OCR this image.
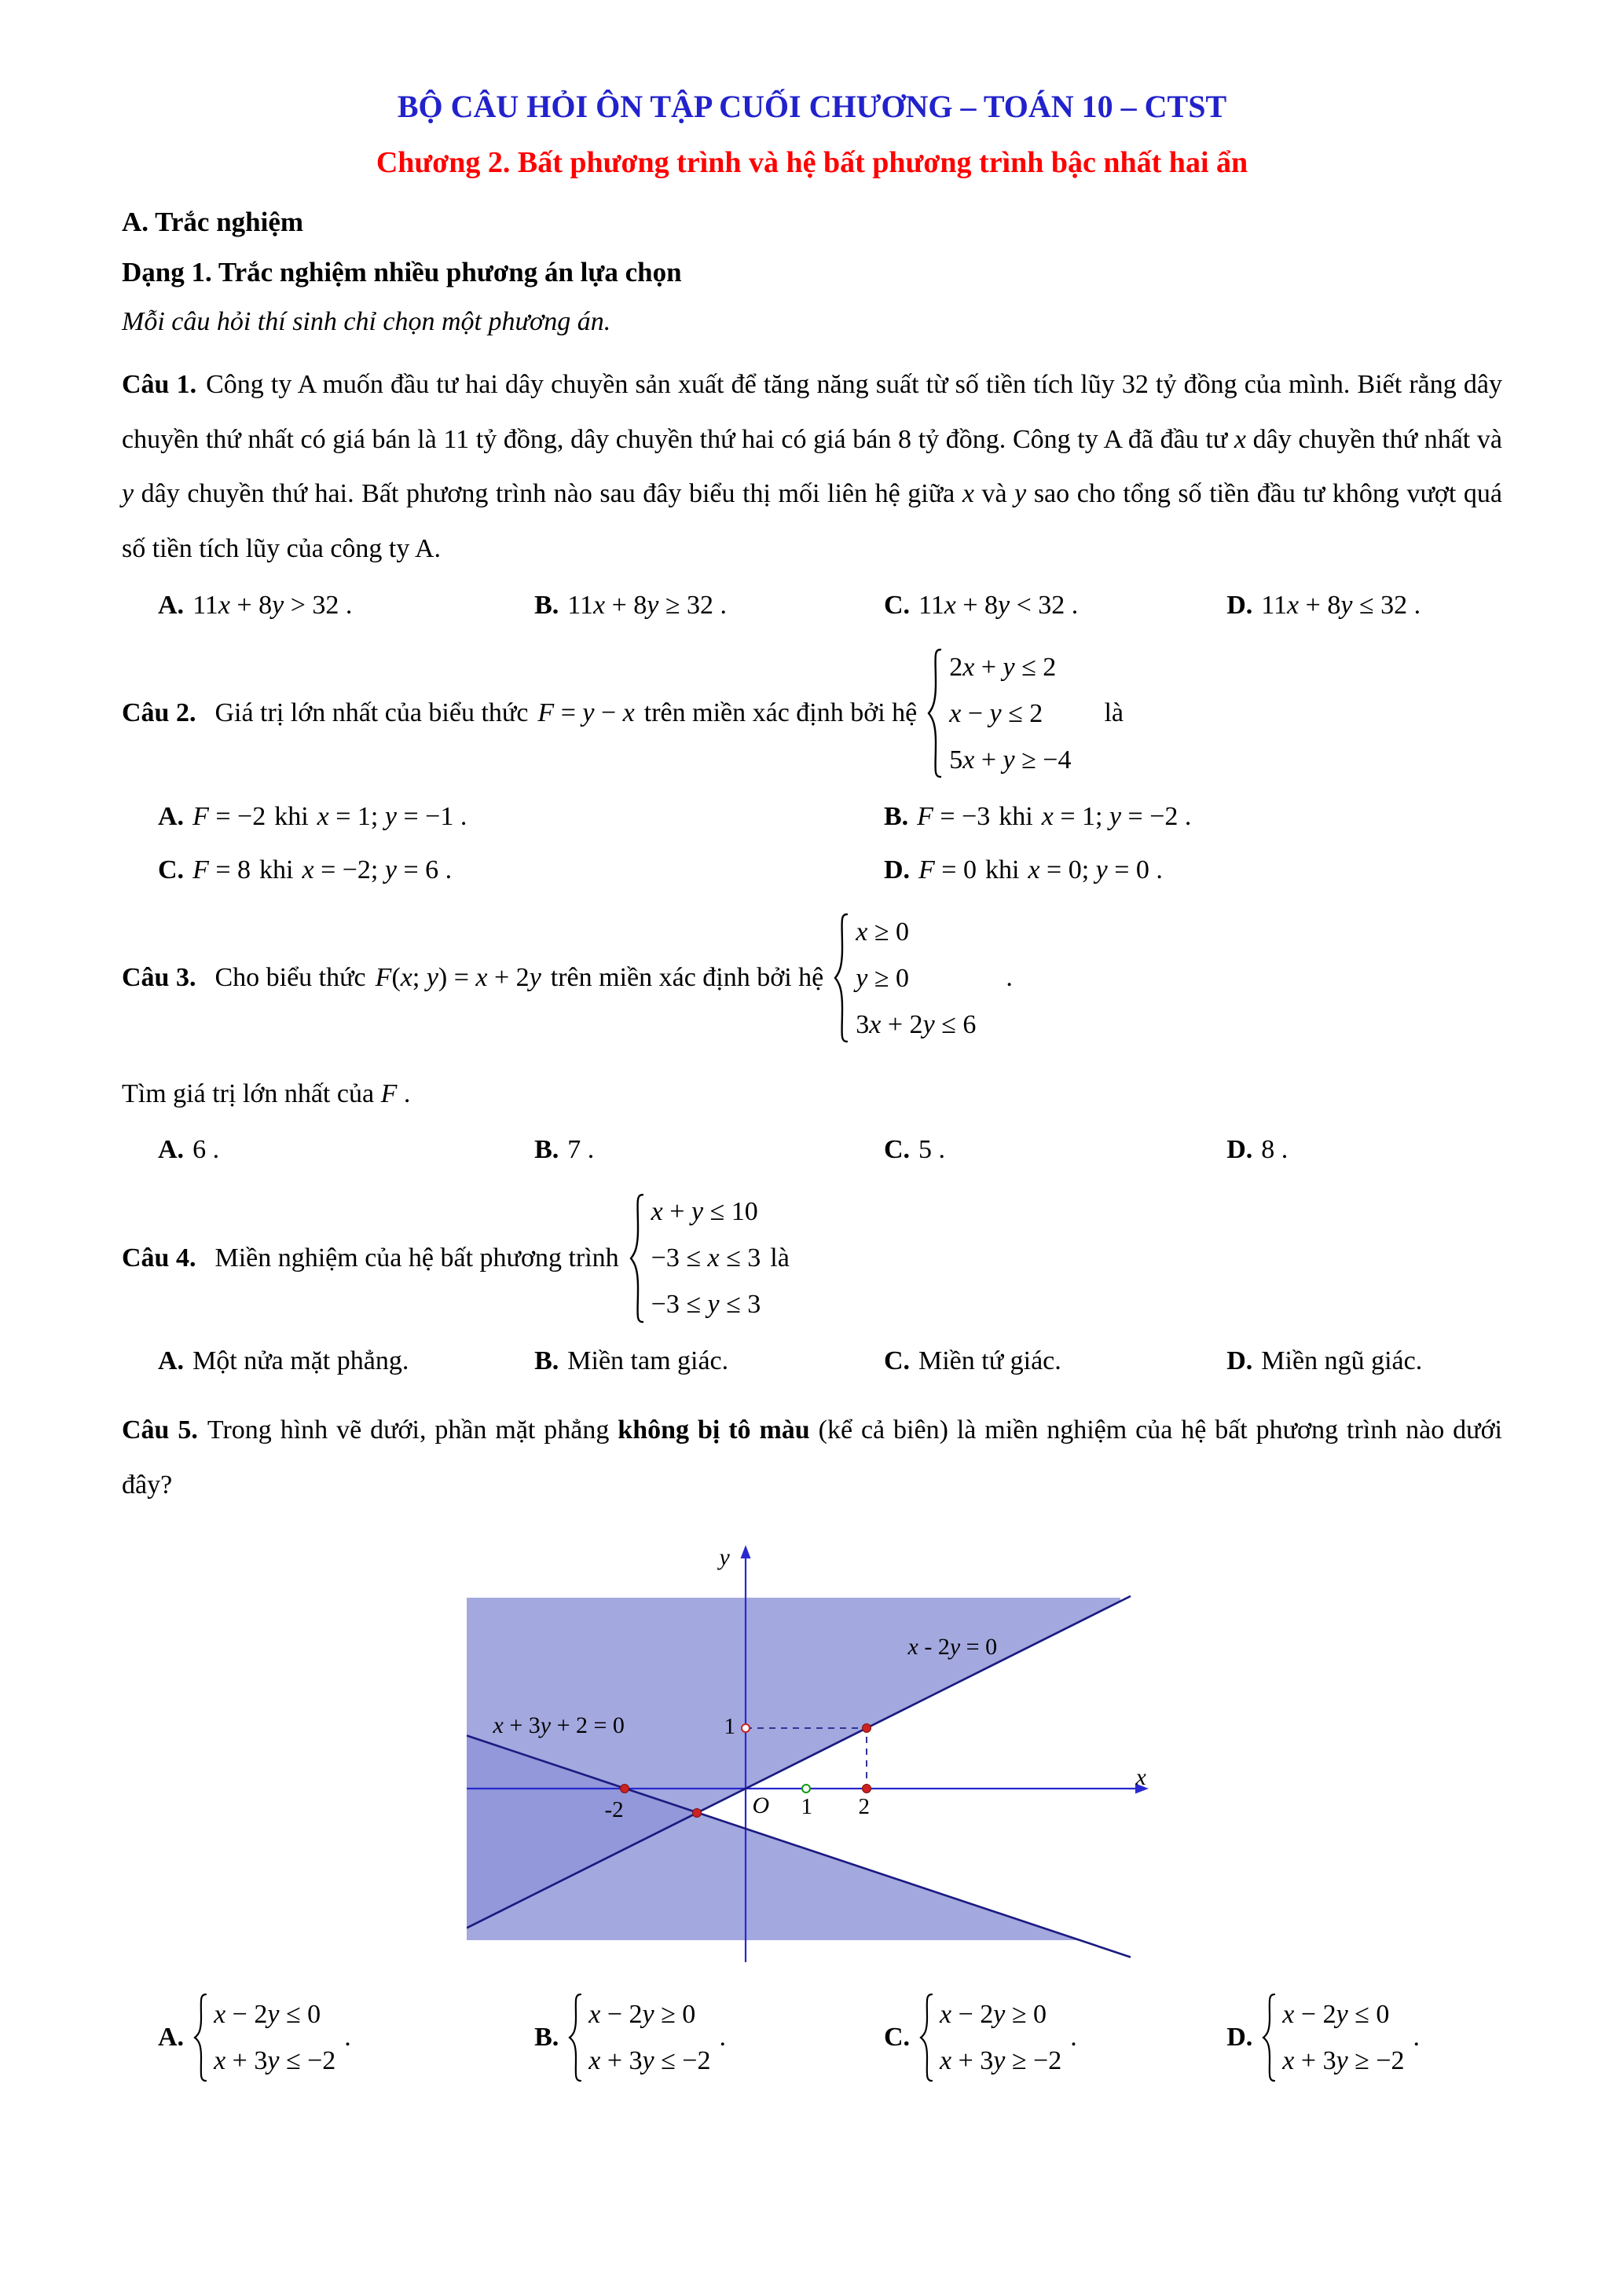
BỘ CÂU HỎI ÔN TẬP CUỐI CHƯƠNG – TOÁN 10 – CTST
Chương 2. Bất phương trình và hệ bất phương trình bậc nhất hai ẩn
A. Trắc nghiệm
Dạng 1. Trắc nghiệm nhiều phương án lựa chọn
Mỗi câu hỏi thí sinh chỉ chọn một phương án.

Câu 1. Công ty A muốn đầu tư hai dây chuyền sản xuất để tăng năng suất từ số tiền tích lũy 32 tỷ đồng của mình. Biết rằng dây chuyền thứ nhất có giá bán là 11 tỷ đồng, dây chuyền thứ hai có giá bán 8 tỷ đồng. Công ty A đã đầu tư x dây chuyền thứ nhất và y dây chuyền thứ hai. Bất phương trình nào sau đây biểu thị mối liên hệ giữa x và y sao cho tổng số tiền đầu tư không vượt quá số tiền tích lũy của công ty A.

A. 11x + 8y > 32 .	B. 11x + 8y ≥ 32 .	C. 11x + 8y < 32 .	D. 11x + 8y ≤ 32 .
Câu 2. Giá trị lớn nhất của biểu thức F = y − x trên miền xác định bởi hệ
2x + y ≤ 2
x − y ≤ 2
5x + y ≥ −4
là
A. F = −2 khi x = 1; y = −1 .	B. F = −3 khi x = 1; y = −2 .
C. F = 8 khi x = −2; y = 6 .	D. F = 0 khi x = 0; y = 0 .
Câu 3. Cho biểu thức F(x; y) = x + 2y trên miền xác định bởi hệ
x ≥ 0
y ≥ 0
3x + 2y ≤ 6
.

Tìm giá trị lớn nhất của F .

A. 6 .	B. 7 .	C. 5 .	D. 8 .
Câu 4. Miền nghiệm của hệ bất phương trình
x + y ≤ 10
−3 ≤ x ≤ 3
−3 ≤ y ≤ 3
là
A. Một nửa mặt phẳng.	B. Miền tam giác.	C. Miền tứ giác.	D. Miền ngũ giác.

Câu 5. Trong hình vẽ dưới, phần mặt phẳng không bị tô màu (kể cả biên) là miền nghiệm của hệ bất phương trình nào dưới đây?

y
x
O 1 2
-2
1
x - 2y = 0
x + 3y + 2 = 0
A.
x − 2y ≤ 0
x + 3y ≤ −2
.	B.
x − 2y ≥ 0
x + 3y ≤ −2
.	C.
x − 2y ≥ 0
x + 3y ≥ −2
.	D.
x − 2y ≤ 0
x + 3y ≥ −2
.
